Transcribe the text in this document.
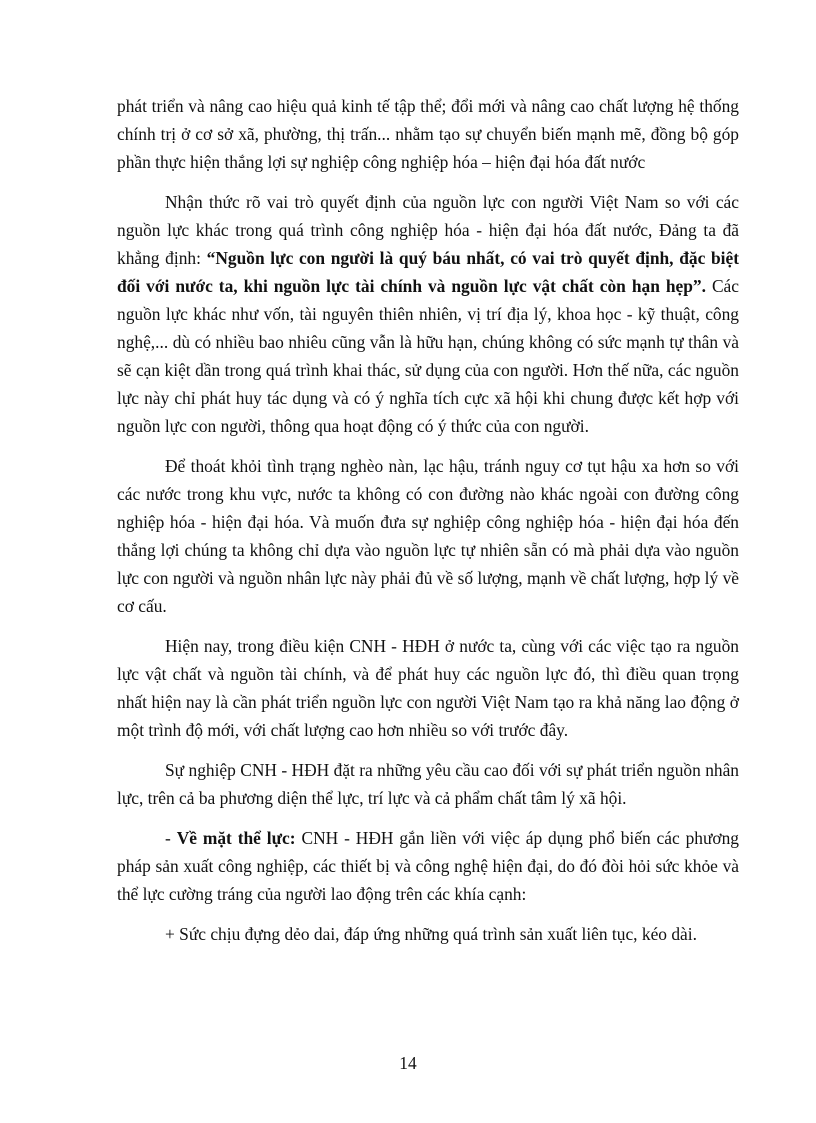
phát triển và nâng cao hiệu quả kinh tế tập thể; đổi mới và nâng cao chất lượng hệ thống chính trị ở cơ sở xã, phường, thị trấn... nhằm tạo sự chuyển biến mạnh mẽ, đồng bộ góp phần thực hiện thắng lợi sự nghiệp công nghiệp hóa – hiện đại hóa đất nước

Nhận thức rõ vai trò quyết định của nguồn lực con người Việt Nam so với các nguồn lực khác trong quá trình công nghiệp hóa - hiện đại hóa đất nước, Đảng ta đã khẳng định: “Nguồn lực con người là quý báu nhất, có vai trò quyết định, đặc biệt đối với nước ta, khi nguồn lực tài chính và nguồn lực vật chất còn hạn hẹp”. Các nguồn lực khác như vốn, tài nguyên thiên nhiên, vị trí địa lý, khoa học - kỹ thuật, công nghệ,... dù có nhiều bao nhiêu cũng vẫn là hữu hạn, chúng không có sức mạnh tự thân và sẽ cạn kiệt dần trong quá trình khai thác, sử dụng của con người. Hơn thế nữa, các nguồn lực này chỉ phát huy tác dụng và có ý nghĩa tích cực xã hội khi chung được kết hợp với nguồn lực con người, thông qua hoạt động có ý thức của con người.

Để thoát khỏi tình trạng nghèo nàn, lạc hậu, tránh nguy cơ tụt hậu xa hơn so với các nước trong khu vực, nước ta không có con đường nào khác ngoài con đường công nghiệp hóa - hiện đại hóa. Và muốn đưa sự nghiệp công nghiệp hóa - hiện đại hóa đến thắng lợi chúng ta không chỉ dựa vào nguồn lực tự nhiên sẵn có mà phải dựa vào nguồn lực con người và nguồn nhân lực này phải đủ về số lượng, mạnh về chất lượng, hợp lý về cơ cấu.

Hiện nay, trong điều kiện CNH - HĐH ở nước ta, cùng với các việc tạo ra nguồn lực vật chất và nguồn tài chính, và để phát huy các nguồn lực đó, thì điều quan trọng nhất hiện nay là cần phát triển nguồn lực con người Việt Nam tạo ra khả năng lao động ở một trình độ mới, với chất lượng cao hơn nhiều so với trước đây.

Sự nghiệp CNH - HĐH đặt ra những yêu cầu cao đối với sự phát triển nguồn nhân lực, trên cả ba phương diện thể lực, trí lực và cả phẩm chất tâm lý xã hội.

- Về mặt thể lực: CNH - HĐH gắn liền với việc áp dụng phổ biến các phương pháp sản xuất công nghiệp, các thiết bị và công nghệ hiện đại, do đó đòi hỏi sức khỏe và thể lực cường tráng của người lao động trên các khía cạnh:

+ Sức chịu đựng dẻo dai, đáp ứng những quá trình sản xuất liên tục, kéo dài.

14
